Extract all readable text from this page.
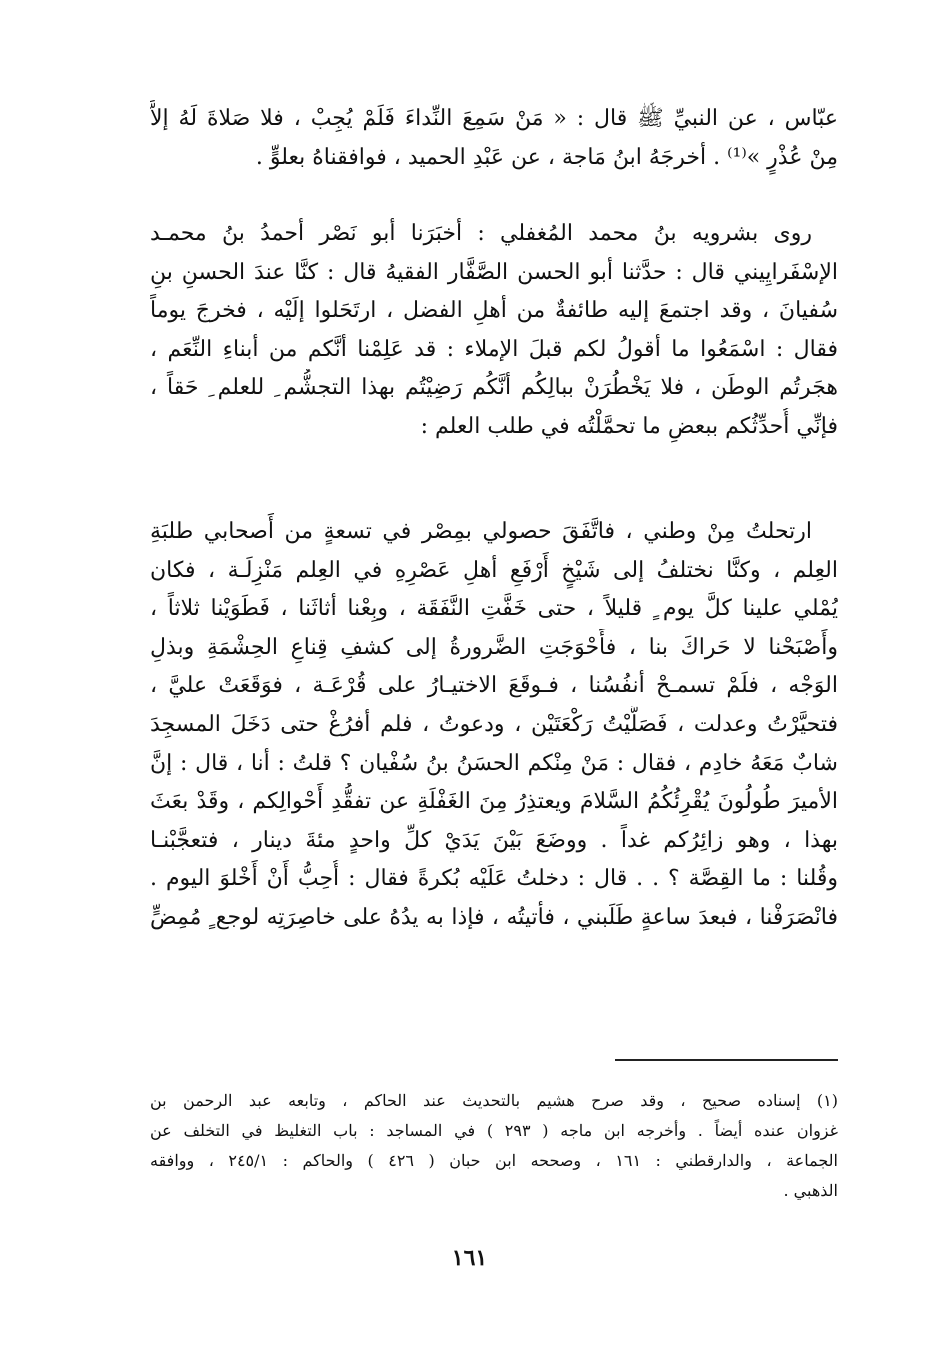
عبّاس ، عن النبيِّ ﷺ قال : « مَنْ سَمِعَ النِّداءَ فَلَمْ يُجِبْ ، فلا صَلاةَ لَهُ إلاَّ
مِنْ عُذْرٍ »⁽¹⁾ . أخرجَهُ ابنُ مَاجة ، عن عَبْدِ الحميد ، فوافقناهُ بعلوٍّ .
روى بشرويه بنُ محمد المُغفلي : أخبَرَنا أبو نَصْر أحمدُ بنُ محمـد
الإسْفَرايِيني قال : حدَّثنا أبو الحسن الصَّفَّار الفقيهُ قال : كنَّا عندَ الحسنِ بنِ
سُفيانَ ، وقد اجتمعَ إليه طائفةٌ من أهلِ الفضل ، ارتَحَلوا إلَيْه ، فخرجَ يوماً
فقال : اسْمَعُوا ما أقولُ لكم قبلَ الإملاء : قد عَلِمْنا أنَّكم من أبناءِ النِّعَم ،
هجَرتُم الوطَن ، فلا يَخْطُرَنْ ببالِكُم أنَّكُم رَضِيْتُم بهذا التجشُّم ِ للعلم ِ حَقاً ،
فإنِّي أُحدِّثُكم ببعضِ ما تحمَّلْتُه في طلب العلم :
ارتحلتُ مِنْ وطني ، فاتَّفَقَ حصولي بمِصْر في تسعةٍ من أَصحابي طلبَةِ
العِلم ، وكنَّا نختلفُ إلى شَيْخٍ أَرْفَعِ أهلِ عَصْرِهِ في العِلم مَنْزِلَـة ، فكان
يُمْلي علينا كلَّ يوم ٍ قليلاً ، حتى خَفَّتِ النَّفَقَة ، وبِعْنا أثاثَنا ، فَطَوَيْنا ثلاثاً ،
وأَصْبَحْنا لا حَراكَ بنا ، فأَحْوَجَتِ الضَّرورةُ إلى كشفِ قِناعِ الحِشْمَةِ وبذلِ
الوَجْه ، فلَمْ تسمـحْ أنفُسُنا ، فـوقَعَ الاختيـارُ على قُرْعَـة ، فوَقَعَتْ عليَّ ،
فتحيَّرْتُ وعدلت ، فَصَلَّيْتُ رَكْعَتَيْن ، ودعوتُ ، فلم أفرُغْ حتى دَخَلَ المسجِدَ
شابٌ مَعَهُ خادِم ، فقال : مَنْ مِنْكم الحسَنُ بنُ سُفْيان ؟ قلتُ : أنا ، قال : إنَّ
الأميرَ طُولُونَ يُقْرِئُكُمُ السَّلامَ ويعتذِرُ مِنَ الغَفْلَةِ عن تفقُّدِ أَحْوالِكم ، وقَدْ بعَثَ
بهذا ، وهو زائِرُكم غداً . ووضَعَ بَيْنَ يَدَيْ كلِّ واحدٍ مئةَ دينار ، فتعجَّبْنـا
وقُلنا : ما القِصَّة ؟ . . قال : دخلتُ عَلَيْه بُكرةً فقال : أُحِبُّ أَنْ أَخْلوَ اليوم .
فانْصَرَفْنا ، فبعدَ ساعةٍ طَلَبني ، فأتيتُه ، فإذا به يدُهُ على خاصِرَتِه لوجع ٍ مُمِضٍّ
(١) إسناده صحيح ، وقد صرح هشيم بالتحديث عند الحاكم ، وتابعه عبد الرحمن بن
غزوان عنده أيضاً . وأخرجه ابن ماجه ( ٢٩٣ ) في المساجد : باب التغليظ في التخلف عن
الجماعة ، والدارقطني : ١٦١ ، وصححه ابن حبان ( ٤٢٦ ) والحاكم : ٢٤٥/١ ، ووافقه
الذهبي .
١٦١
